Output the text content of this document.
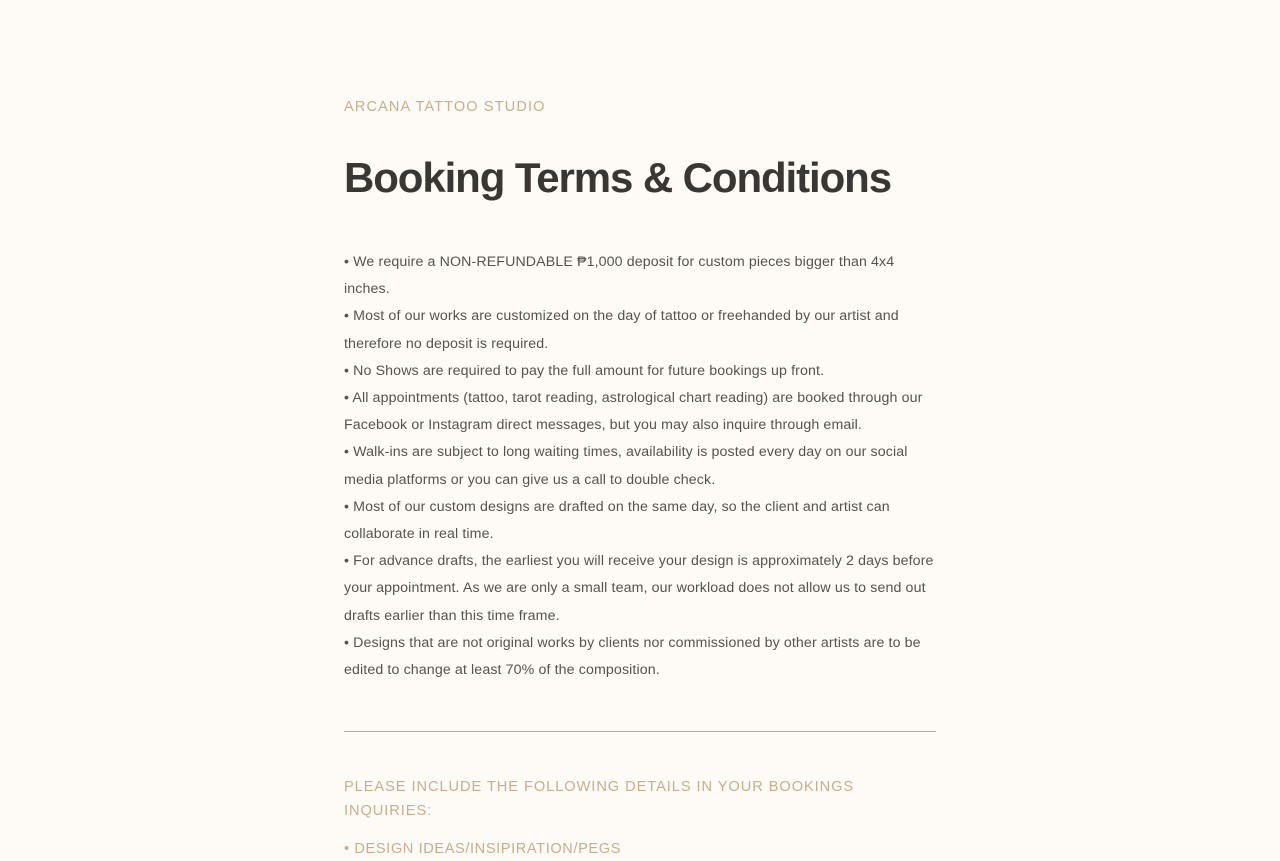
ARCANA TATTOO STUDIO
Booking Terms & Conditions

• We require a NON-REFUNDABLE ₱1,000 deposit for custom pieces bigger than 4x4 inches.

• Most of our works are customized on the day of tattoo or freehanded by our artist and therefore no deposit is required.

• No Shows are required to pay the full amount for future bookings up front.

• All appointments (tattoo, tarot reading, astrological chart reading) are booked through our Facebook or Instagram direct messages, but you may also inquire through email.

• Walk-ins are subject to long waiting times, availability is posted every day on our social media platforms or you can give us a call to double check.

• Most of our custom designs are drafted on the same day, so the client and artist can collaborate in real time.

• For advance drafts, the earliest you will receive your design is approximately 2 days before your appointment. As we are only a small team, our workload does not allow us to send out drafts earlier than this time frame.

• Designs that are not original works by clients nor commissioned by other artists are to be edited to change at least 70% of the composition.

PLEASE INCLUDE THE FOLLOWING DETAILS IN YOUR BOOKINGS INQUIRIES:

• DESIGN IDEAS/INSIPIRATION/PEGS
